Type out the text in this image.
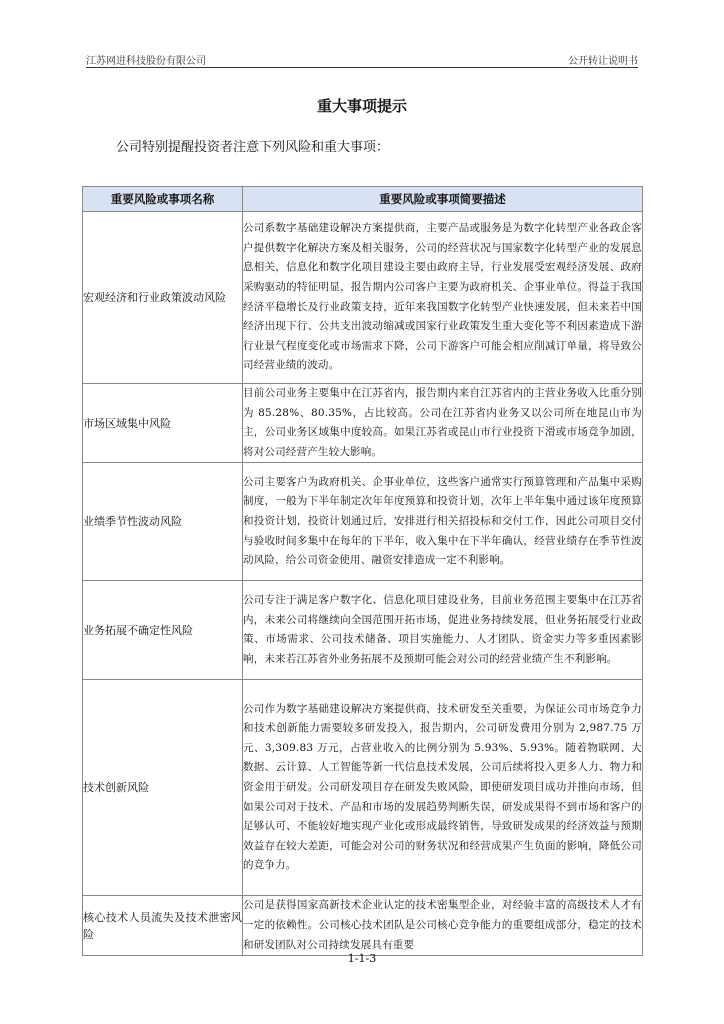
江苏网进科技股份有限公司	公开转让说明书
重大事项提示
公司特别提醒投资者注意下列风险和重大事项：
重要风险或事项名称	重要风险或事项简要描述
宏观经济和行业政策波动风险	公司系数字基础建设解决方案提供商，主要产品或服务是为数字化转型产业各政企客户提供数字化解决方案及相关服务，公司的经营状况与国家数字化转型产业的发展息息相关，信息化和数字化项目建设主要由政府主导，行业发展受宏观经济发展、政府采购驱动的特征明显，报告期内公司客户主要为政府机关、企事业单位。得益于我国经济平稳增长及行业政策支持，近年来我国数字化转型产业快速发展，但未来若中国经济出现下行、公共支出波动缩减或国家行业政策发生重大变化等不利因素造成下游行业景气程度变化或市场需求下降，公司下游客户可能会相应削减订单量，将导致公司经营业绩的波动。
市场区域集中风险	目前公司业务主要集中在江苏省内，报告期内来自江苏省内的主营业务收入比重分别为 85.28%、80.35%，占比较高。公司在江苏省内业务又以公司所在地昆山市为主，公司业务区域集中度较高。如果江苏省或昆山市行业投资下滑或市场竞争加剧，将对公司经营产生较大影响。
业绩季节性波动风险	公司主要客户为政府机关、企事业单位，这些客户通常实行预算管理和产品集中采购制度，一般为下半年制定次年年度预算和投资计划，次年上半年集中通过该年度预算和投资计划，投资计划通过后，安排进行相关招投标和交付工作，因此公司项目交付与验收时间多集中在每年的下半年，收入集中在下半年确认，经营业绩存在季节性波动风险，给公司资金使用、融资安排造成一定不利影响。
业务拓展不确定性风险	公司专注于满足客户数字化、信息化项目建设业务，目前业务范围主要集中在江苏省内，未来公司将继续向全国范围开拓市场，促进业务持续发展，但业务拓展受行业政策、市场需求、公司技术储备、项目实施能力、人才团队、资金实力等多重因素影响，未来若江苏省外业务拓展不及预期可能会对公司的经营业绩产生不利影响。
技术创新风险	公司作为数字基础建设解决方案提供商，技术研发至关重要，为保证公司市场竞争力和技术创新能力需要较多研发投入，报告期内，公司研发费用分别为 2,987.75 万元、3,309.83 万元，占营业收入的比例分别为 5.93%、5.93%。随着物联网、大数据、云计算、人工智能等新一代信息技术发展，公司后续将投入更多人力、物力和资金用于研发。公司研发项目存在研发失败风险，即使研发项目成功并推向市场，但如果公司对于技术、产品和市场的发展趋势判断失误，研发成果得不到市场和客户的足够认可、不能较好地实现产业化或形成最终销售，导致研发成果的经济效益与预期效益存在较大差距，可能会对公司的财务状况和经营成果产生负面的影响，降低公司的竞争力。
核心技术人员流失及技术泄密风险	公司是获得国家高新技术企业认定的技术密集型企业，对经验丰富的高级技术人才有一定的依赖性。公司核心技术团队是公司核心竞争能力的重要组成部分，稳定的技术和研发团队对公司持续发展具有重要
1-1-3
